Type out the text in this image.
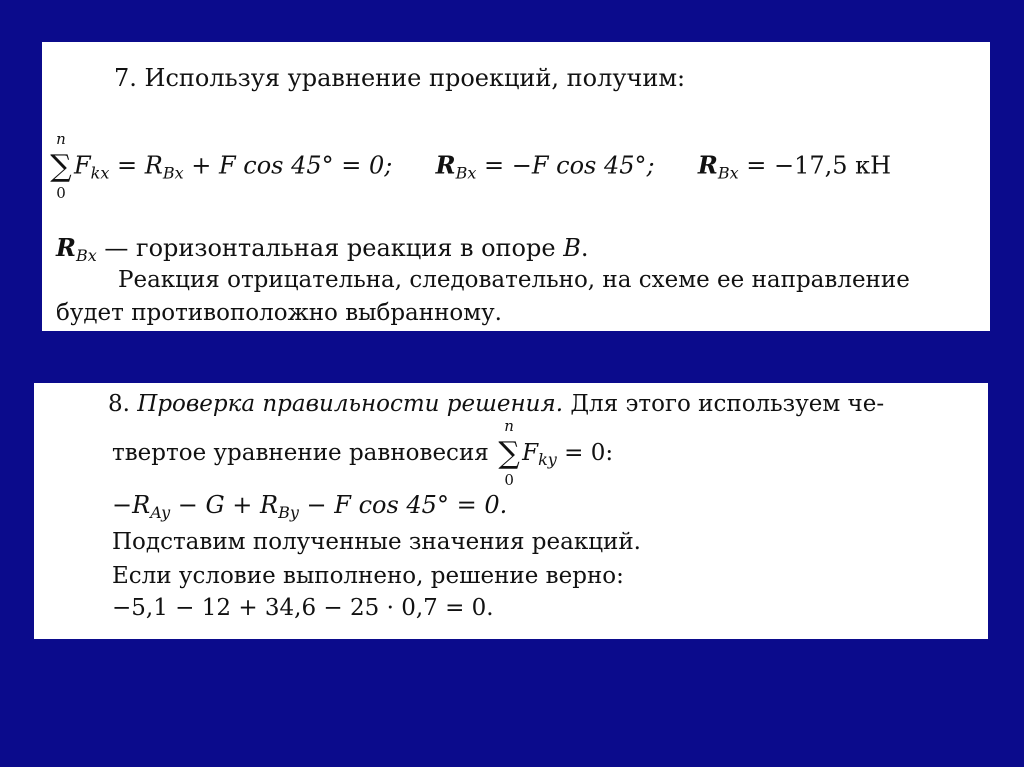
7. Используя уравнение проекций, получим:
n
∑
0
$F_{kx} = R_{Bx} + F$ cos 45° = 0; $R_{Bx} = -F$ cos 45°; $R_{Bx} = -17,5$ кН
$R_{Bx}$ — горизонтальная реакция в опоре B.
Реакция отрицательна, следовательно, на схеме ее направление
будет противоположно выбранному.
8. Проверка правильности решения. Для этого используем че-
твертое уравнение равновесия
n
∑
0
$F_{ky} = 0$:
$-R_{Ay} - G + R_{By} - F$ cos 45° = 0.
Подставим полученные значения реакций.
Если условие выполнено, решение верно:
−5,1 − 12 + 34,6 − 25 · 0,7 = 0.
